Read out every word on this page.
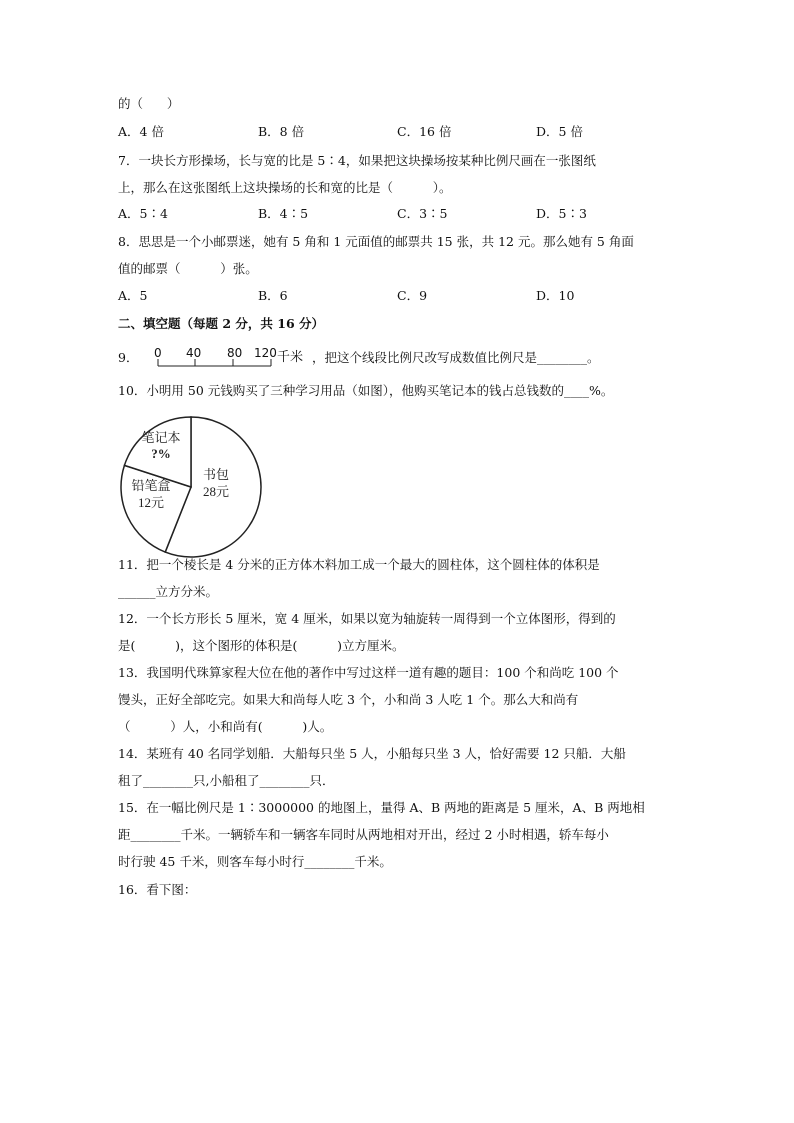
的（      ）
A．4 倍	B．8 倍	C．16 倍	D．5 倍
7．一块长方形操场，长与宽的比是 5∶4，如果把这块操场按某种比例尺画在一张图纸
上，那么在这张图纸上这块操场的长和宽的比是（          ）。
A．5∶4	B．4∶5	C．3∶5	D．5∶3
8．思思是一个小邮票迷，她有 5 角和 1 元面值的邮票共 15 张，共 12 元。那么她有 5 角面
值的邮票（          ）张。
A．5	B．6	C．9	D．10
二、填空题（每题 2 分，共 16 分）
9． 0 40 80 120 千米 ，把这个线段比例尺改写成数值比例尺是________。
10．小明用 50 元钱购买了三种学习用品（如图），他购买笔记本的钱占总钱数的____%。
笔记本
?%
书包
28元
铅笔盒
12元
11．把一个棱长是 4 分米的正方体木料加工成一个最大的圆柱体，这个圆柱体的体积是
______立方分米。
12．一个长方形长 5 厘米，宽 4 厘米，如果以宽为轴旋转一周得到一个立体图形，得到的
是(          )，这个图形的体积是(          )立方厘米。
13．我国明代珠算家程大位在他的著作中写过这样一道有趣的题目：100 个和尚吃 100 个
馒头，正好全部吃完。如果大和尚每人吃 3 个，小和尚 3 人吃 1 个。那么大和尚有
（          ）人，小和尚有(          )人。
14．某班有 40 名同学划船．大船每只坐 5 人，小船每只坐 3 人，恰好需要 12 只船．大船
租了________只,小船租了________只．
15．在一幅比例尺是 1∶3000000 的地图上，量得 A、B 两地的距离是 5 厘米，A、B 两地相
距________千米。一辆轿车和一辆客车同时从两地相对开出，经过 2 小时相遇，轿车每小
时行驶 45 千米，则客车每小时行________千米。
16．看下图：
